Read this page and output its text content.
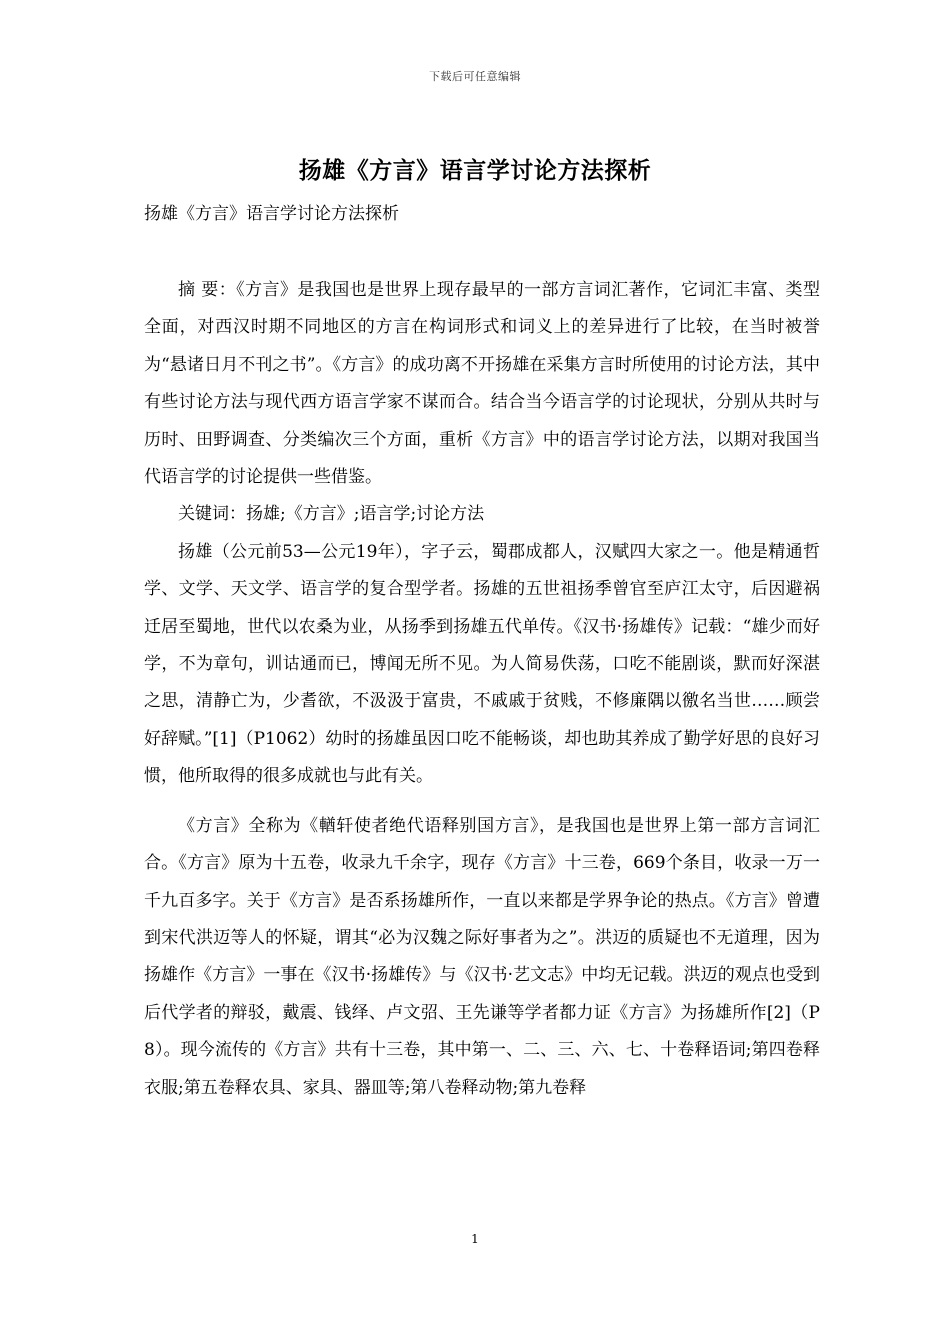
下载后可任意编辑
扬雄《方言》语言学讨论方法探析
扬雄《方言》语言学讨论方法探析

摘 要：《方言》是我国也是世界上现存最早的一部方言词汇著作，它词汇丰富、类型全面，对西汉时期不同地区的方言在构词形式和词义上的差异进行了比较，在当时被誉为“悬诸日月不刊之书”。《方言》的成功离不开扬雄在采集方言时所使用的讨论方法，其中有些讨论方法与现代西方语言学家不谋而合。结合当今语言学的讨论现状，分别从共时与历时、田野调查、分类编次三个方面，重析《方言》中的语言学讨论方法，以期对我国当代语言学的讨论提供一些借鉴。

关键词：扬雄;《方言》;语言学;讨论方法

扬雄（公元前53—公元19年），字子云，蜀郡成都人，汉赋四大家之一。他是精通哲学、文学、天文学、语言学的复合型学者。扬雄的五世祖扬季曾官至庐江太守，后因避祸迁居至蜀地，世代以农桑为业，从扬季到扬雄五代单传。《汉书·扬雄传》记载：“雄少而好学，不为章句，训诂通而已，博闻无所不见。为人简易佚荡，口吃不能剧谈，默而好深湛之思，清静亡为，少耆欲，不汲汲于富贵，不戚戚于贫贱，不修廉隅以徼名当世……顾尝好辞赋。”[1]（P1062）幼时的扬雄虽因口吃不能畅谈，却也助其养成了勤学好思的良好习惯，他所取得的很多成就也与此有关。

《方言》全称为《輶轩使者绝代语释别国方言》，是我国也是世界上第一部方言词汇合。《方言》原为十五卷，收录九千余字，现存《方言》十三卷，669个条目，收录一万一千九百多字。关于《方言》是否系扬雄所作，一直以来都是学界争论的热点。《方言》曾遭到宋代洪迈等人的怀疑，谓其“必为汉魏之际好事者为之”。洪迈的质疑也不无道理，因为扬雄作《方言》一事在《汉书·扬雄传》与《汉书·艺文志》中均无记载。洪迈的观点也受到后代学者的辩驳，戴震、钱绎、卢文弨、王先谦等学者都力证《方言》为扬雄所作[2]（P8）。现今流传的《方言》共有十三卷，其中第一、二、三、六、七、十卷释语词;第四卷释衣服;第五卷释农具、家具、器皿等;第八卷释动物;第九卷释

1
